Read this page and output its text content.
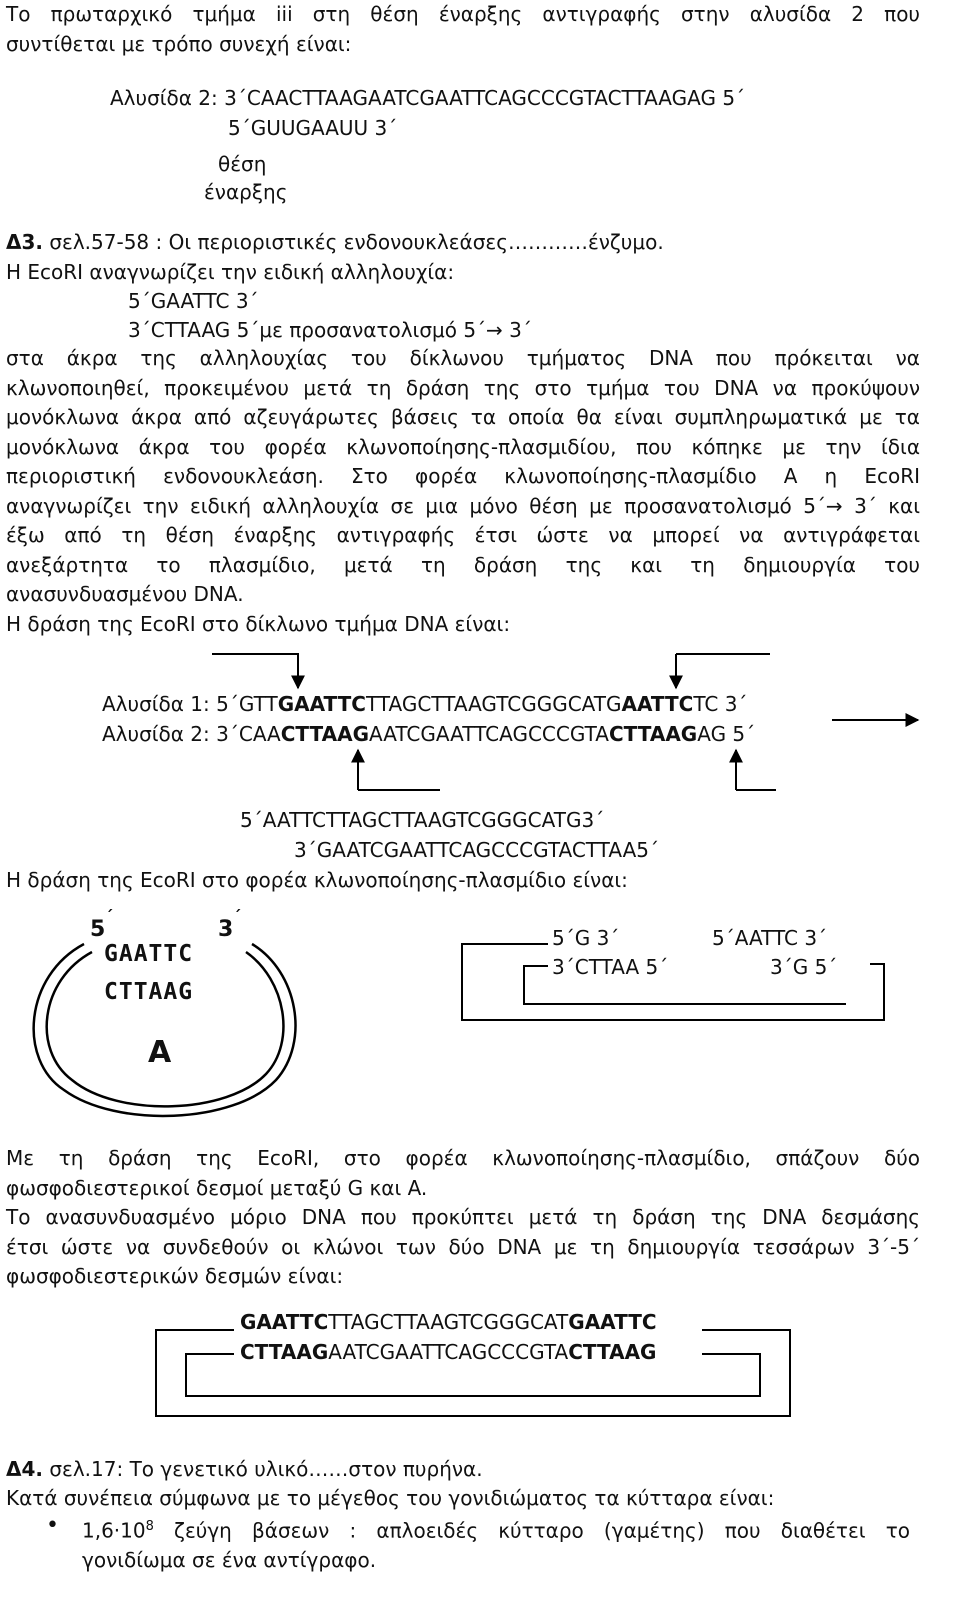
Το πρωταρχικό τμήμα iii στη θέση έναρξης αντιγραφής στην αλυσίδα 2 που
συντίθεται με τρόπο συνεχή είναι:
Αλυσίδα 2: 3΄CAACTTAAGAATCGAATTCAGCCCGTACTTAAGAG 5΄
5΄GUUGAAUU 3΄
θέση
έναρξης
Δ3. σελ.57-58 : Οι περιοριστικές ενδονουκλεάσες…………ένζυμο.
Η EcoRI αναγνωρίζει την ειδική αλληλουχία:
5΄GAATTC 3΄
3΄CTTAAG 5΄με προσανατολισμό 5΄→ 3΄
στα άκρα της αλληλουχίας του δίκλωνου τμήματος DNA που πρόκειται να
κλωνοποιηθεί, προκειμένου μετά τη δράση της στο τμήμα του DNA να προκύψουν
μονόκλωνα άκρα από αζευγάρωτες βάσεις τα οποία θα είναι συμπληρωματικά με τα
μονόκλωνα άκρα του φορέα κλωνοποίησης-πλασμιδίου, που κόπηκε με την ίδια
περιοριστική ενδονουκλεάση. Στο φορέα κλωνοποίησης-πλασμίδιο Α η EcoRI
αναγνωρίζει την ειδική αλληλουχία σε μια μόνο θέση με προσανατολισμό 5΄→ 3΄ και
έξω από τη θέση έναρξης αντιγραφής έτσι ώστε να μπορεί να αντιγράφεται
ανεξάρτητα το πλασμίδιο, μετά τη δράση της και τη δημιουργία του
ανασυνδυασμένου DNA.
Η δράση της EcoRI στο δίκλωνο τμήμα DNA είναι:
Αλυσίδα 1: 5΄GTTGAATTCTTAGCTTAAGTCGGGCATGAATTCTC 3΄
Αλυσίδα 2: 3΄CAACTTAAGAATCGAATTCAGCCCGTACTTAAGAG 5΄
5΄AATTCTTAGCTTAAGTCGGGCATG3΄
3΄GAATCGAATTCAGCCCGTACTTAA5΄
Η δράση της EcoRI στο φορέα κλωνοποίησης-πλασμίδιο είναι:
5΄
3΄
GAATTC
CTTAAG
A
5΄G 3΄
3΄CTTAA 5΄
5΄AATTC 3΄
3΄G 5΄
Με τη δράση της EcoRI, στο φορέα κλωνοποίησης-πλασμίδιο, σπάζουν δύο
φωσφοδιεστερικοί δεσμοί μεταξύ G και A.
Το ανασυνδυασμένο μόριο DNA που προκύπτει μετά τη δράση της DNA δεσμάσης
έτσι ώστε να συνδεθούν οι κλώνοι των δύο DNA με τη δημιουργία τεσσάρων 3΄-5΄
φωσφοδιεστερικών δεσμών είναι:
GAATTCTTAGCTTAAGTCGGGCATGAATTC
CTTAAGAATCGAATTCAGCCCGTACTTAAG
Δ4. σελ.17: Το γενετικό υλικό……στον πυρήνα.
Κατά συνέπεια σύμφωνα με το μέγεθος του γονιδιώματος τα κύτταρα είναι:
• $1,6\cdot 10^8$ ζεύγη βάσεων : απλοειδές κύτταρο (γαμέτης) που διαθέτει το
γονιδίωμα σε ένα αντίγραφο.
